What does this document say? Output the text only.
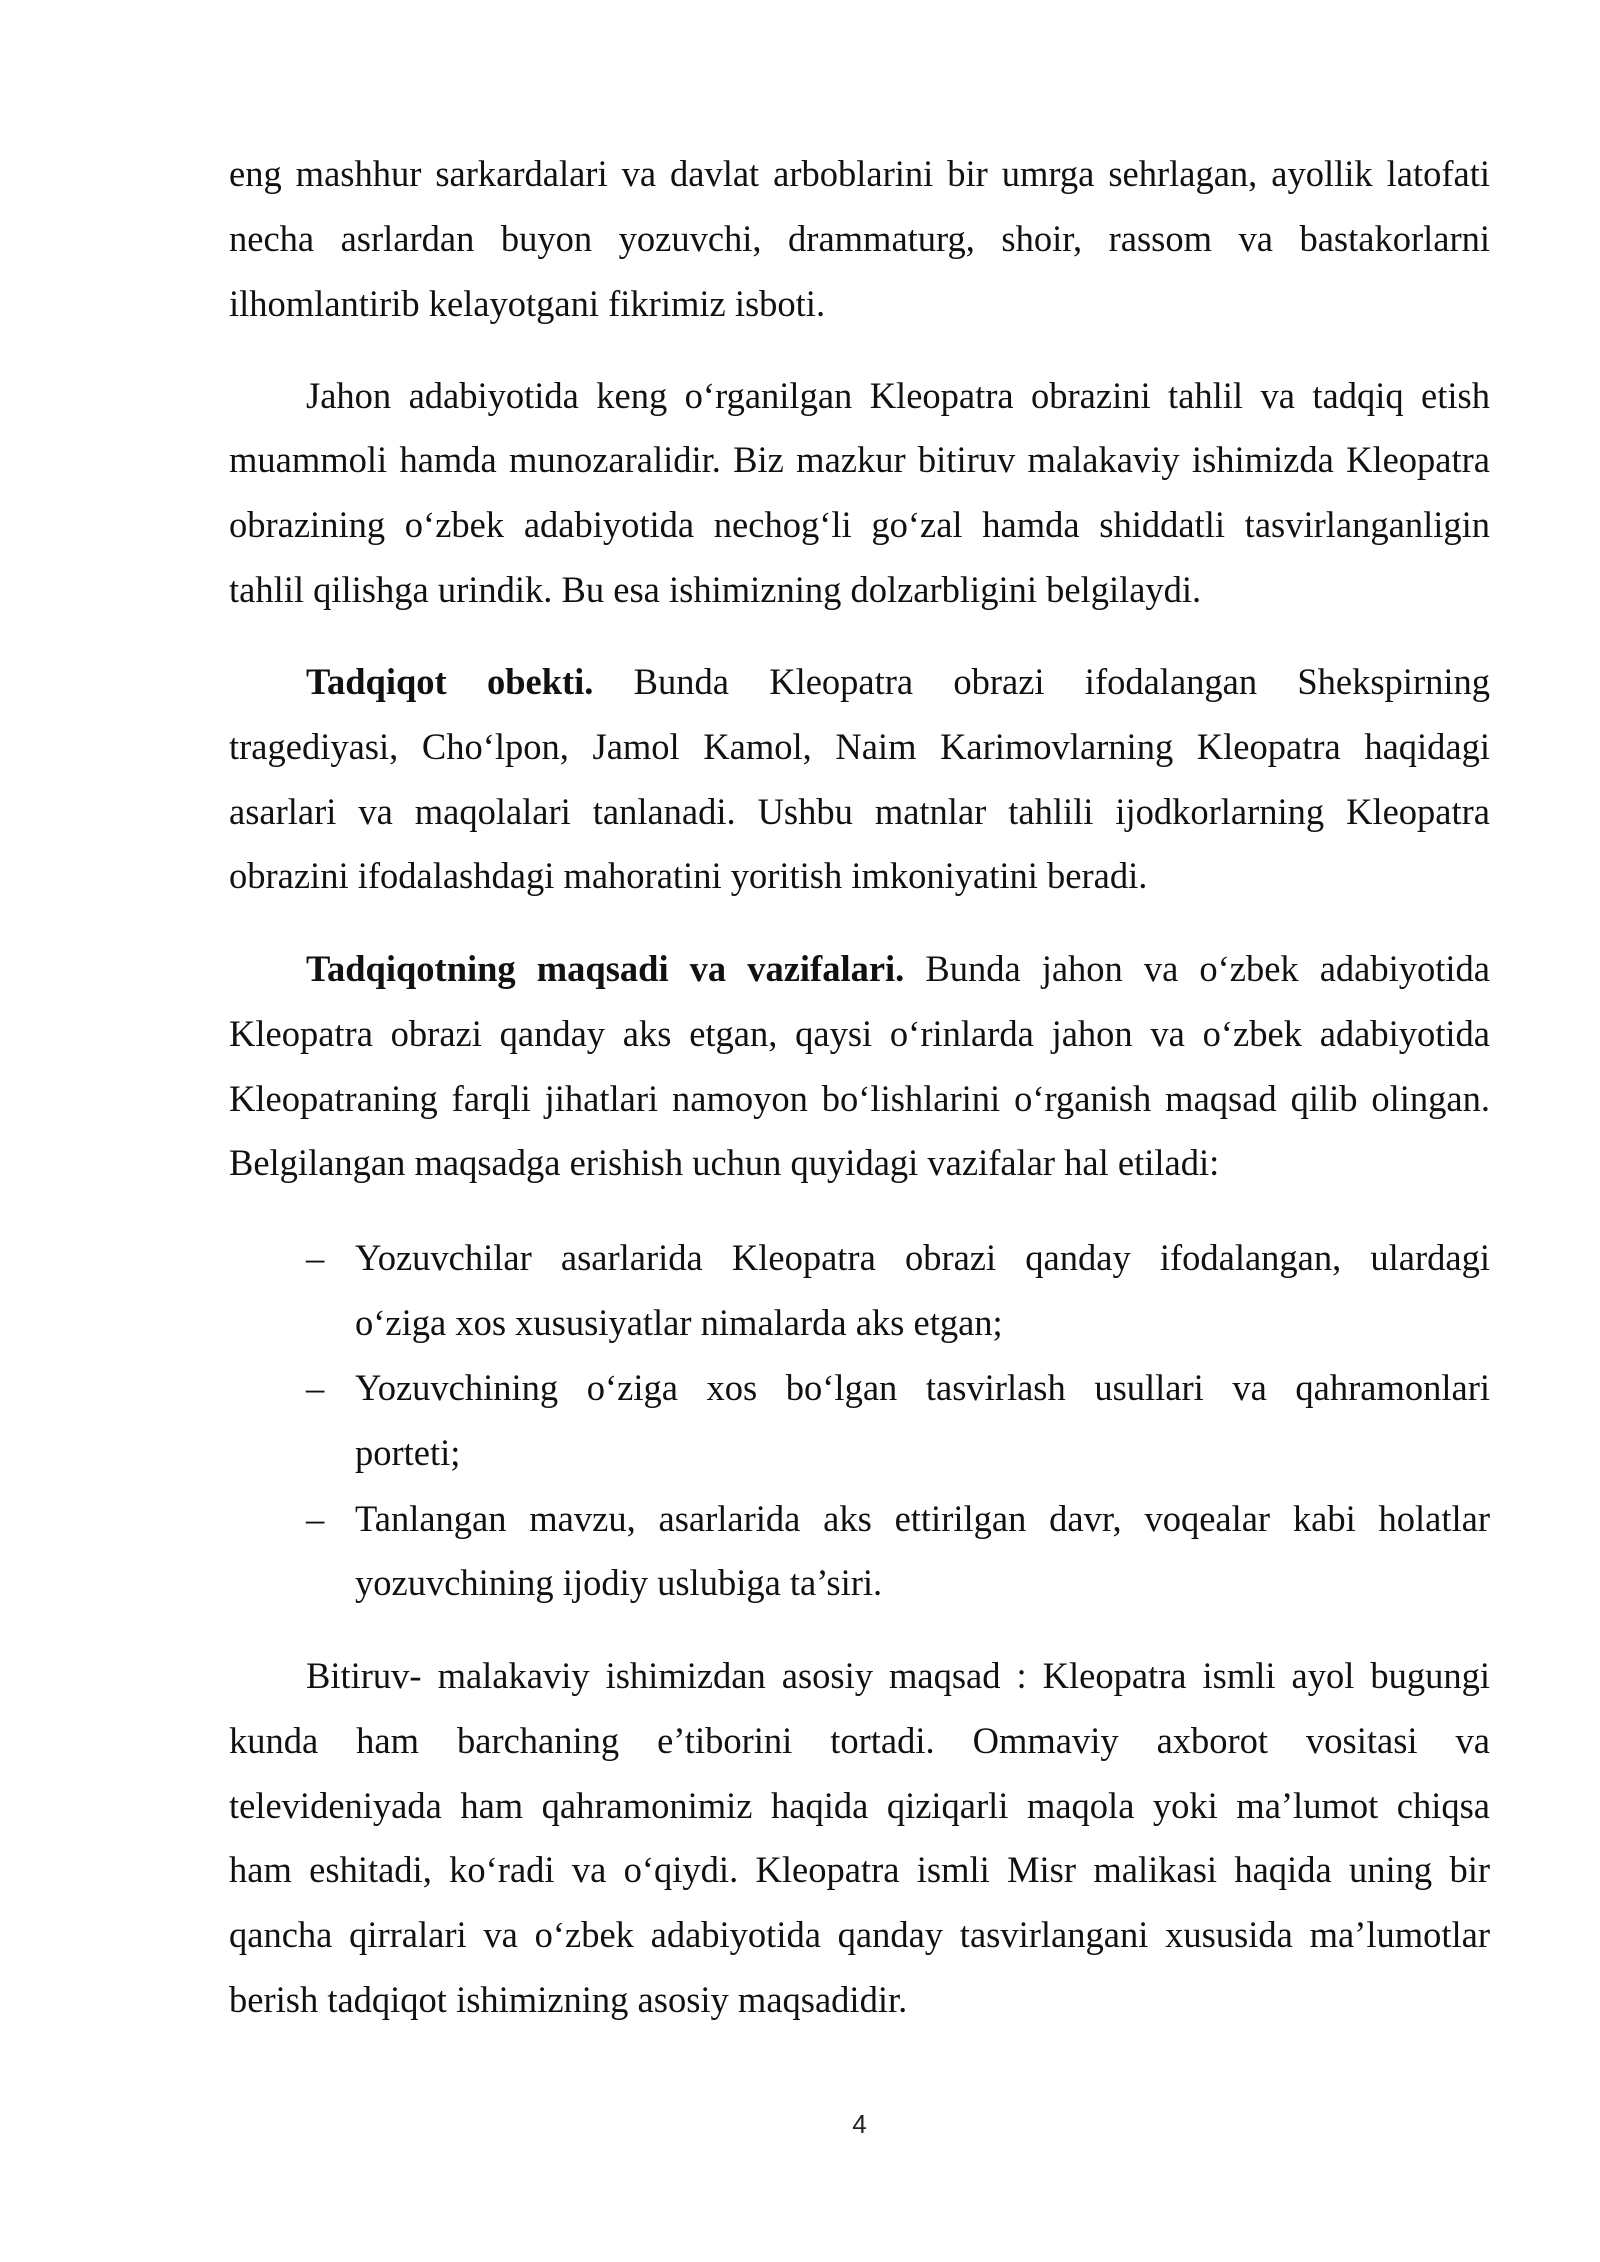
eng mashhur sarkardalari va davlat arboblarini bir umrga sehrlagan, ayollik latofati
necha asrlardan buyon yozuvchi, drammaturg, shoir, rassom va bastakorlarni
ilhomlantirib kelayotgani fikrimiz isboti.
Jahon adabiyotida keng o‘rganilgan Kleopatra obrazini tahlil va tadqiq etish
muammoli hamda munozaralidir. Biz mazkur bitiruv malakaviy ishimizda Kleopatra
obrazining o‘zbek adabiyotida nechog‘li go‘zal hamda shiddatli tasvirlanganligin
tahlil qilishga urindik. Bu esa ishimizning dolzarbligini belgilaydi.
Tadqiqot obekti. Bunda Kleopatra obrazi ifodalangan Shekspirning
tragediyasi, Cho‘lpon, Jamol Kamol, Naim Karimovlarning Kleopatra haqidagi
asarlari va maqolalari tanlanadi. Ushbu matnlar tahlili ijodkorlarning Kleopatra
obrazini ifodalashdagi mahoratini yoritish imkoniyatini beradi.
Tadqiqotning maqsadi va vazifalari. Bunda jahon va o‘zbek adabiyotida
Kleopatra obrazi qanday aks etgan, qaysi o‘rinlarda jahon va o‘zbek adabiyotida
Kleopatraning farqli jihatlari namoyon bo‘lishlarini o‘rganish maqsad qilib olingan.
Belgilangan maqsadga erishish uchun quyidagi vazifalar hal etiladi:
– Yozuvchilar asarlarida Kleopatra obrazi qanday ifodalangan, ulardagi
o‘ziga xos xususiyatlar nimalarda aks etgan;
– Yozuvchining o‘ziga xos bo‘lgan tasvirlash usullari va qahramonlari
porteti;
– Tanlangan mavzu, asarlarida aks ettirilgan davr, voqealar kabi holatlar
yozuvchining ijodiy uslubiga ta’siri.
Bitiruv- malakaviy ishimizdan asosiy maqsad : Kleopatra ismli ayol bugungi
kunda ham barchaning e’tiborini tortadi. Ommaviy axborot vositasi va
televideniyada ham qahramonimiz haqida qiziqarli maqola yoki ma’lumot chiqsa
ham eshitadi, ko‘radi va o‘qiydi. Kleopatra ismli Misr malikasi haqida uning bir
qancha qirralari va o‘zbek adabiyotida qanday tasvirlangani xususida ma’lumotlar
berish tadqiqot ishimizning asosiy maqsadidir.
4
